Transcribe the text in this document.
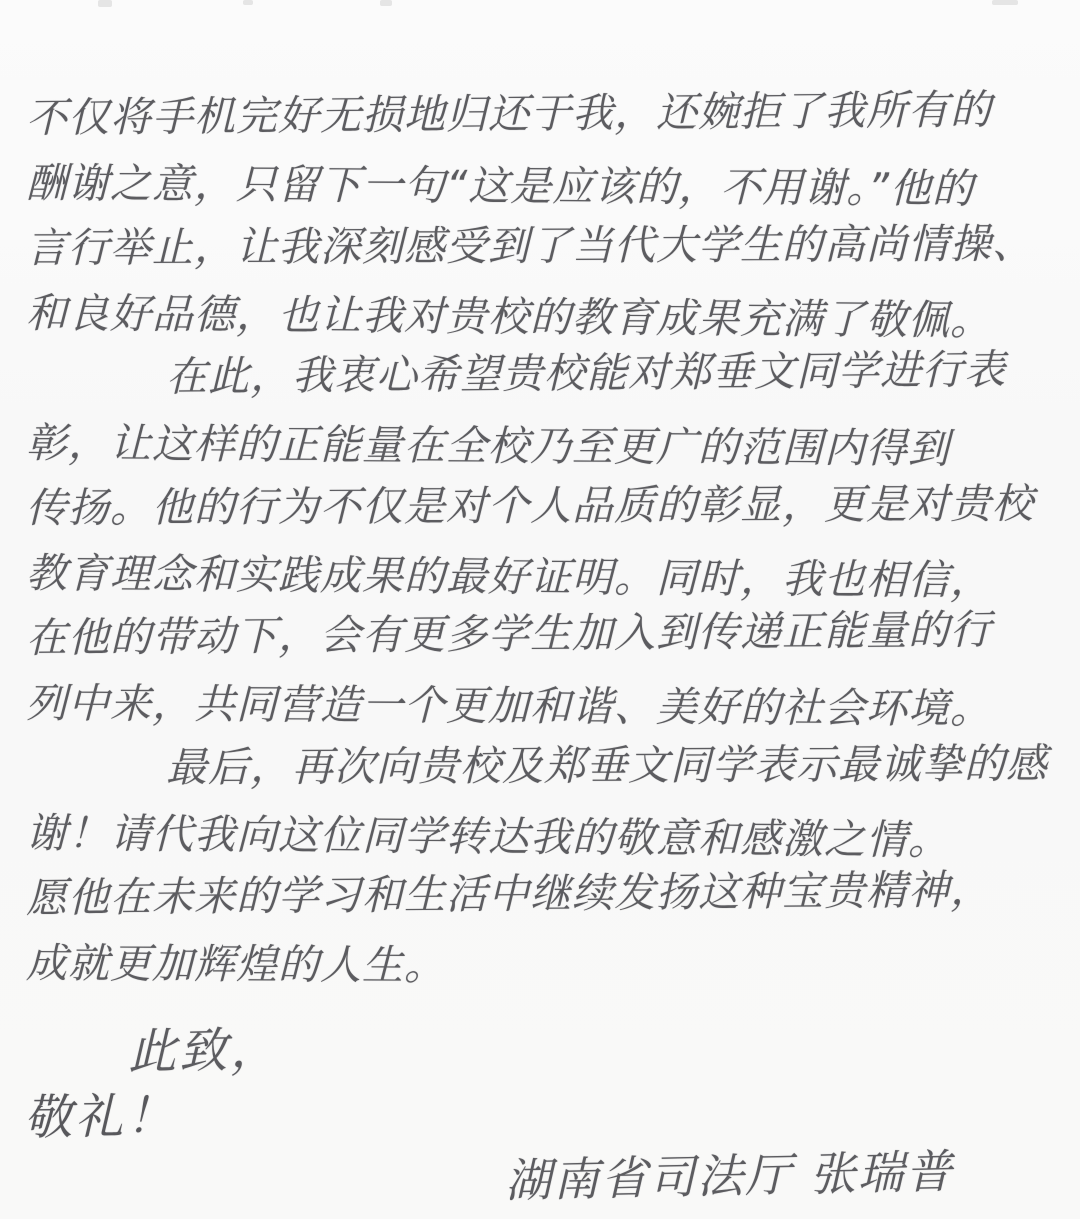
不仅将手机完好无损地归还于我，还婉拒了我所有的
酬谢之意，只留下一句“这是应该的，不用谢。”他的
言行举止，让我深刻感受到了当代大学生的高尚情操、
和良好品德，也让我对贵校的教育成果充满了敬佩。
在此，我衷心希望贵校能对郑垂文同学进行表
彰，让这样的正能量在全校乃至更广的范围内得到
传扬。他的行为不仅是对个人品质的彰显，更是对贵校
教育理念和实践成果的最好证明。同时，我也相信，
在他的带动下，会有更多学生加入到传递正能量的行
列中来，共同营造一个更加和谐、美好的社会环境。
最后，再次向贵校及郑垂文同学表示最诚挚的感
谢！请代我向这位同学转达我的敬意和感激之情。
愿他在未来的学习和生活中继续发扬这种宝贵精神，
成就更加辉煌的人生。
此致，
敬礼！
湖南省司法厅 张瑞普
